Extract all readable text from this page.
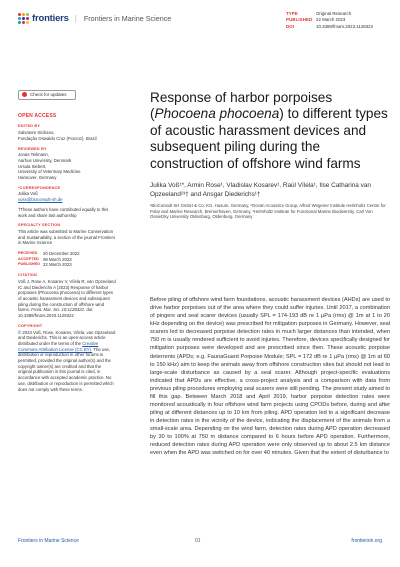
frontiers | Frontiers in Marine Science
TYPE	Original Research
PUBLISHED 22 March 2023
DOI	10.3389/fmars.2023.1128322
Check for updates
OPEN ACCESS
EDITED BY
Salvatore Siciliano,
Fundação Oswaldo Cruz (Fiocruz), Brazil
REVIEWED BY
Jonas Teilmann,
Aarhus University, Denmark
Ursula Siebert,
University of Veterinary Medicine
Hannover, Germany
*CORRESPONDENCE
Julika Voß
voss@bioconsult-sh.de
†These authors have contributed equally to this work and share last authorship
SPECIALTY SECTION
This article was submitted to Marine Conservation and Sustainability, a section of the journal Frontiers in Marine Science
RECEIVED	20 December 2022
ACCEPTED 08 March 2023
PUBLISHED 22 March 2023
CITATION
Voß J, Rose A, Kosarev V, Vílela R, van Opzeeland IC and Diederichs A (2023) Response of harbor porpoises (Phocoena phocoena) to different types of acoustic harassment devices and subsequent piling during the construction of offshore wind farms. Front. Mar. Sci. 10:1128322. doi: 10.3389/fmars.2023.1128322
COPYRIGHT
© 2023 Voß, Rose, Kosarev, Vílela, van Opzeeland and Diederichs. This is an open-access article distributed under the terms of the Creative Commons Attribution License (CC BY). The use, distribution or reproduction in other forums is permitted, provided the original author(s) and the copyright owner(s) are credited and that the original publication in this journal is cited, in accordance with accepted academic practice. No use, distribution or reproduction is permitted which does not comply with these terms.
Response of harbor porpoises (Phocoena phocoena) to different types of acoustic harassment devices and subsequent piling during the construction of offshore wind farms
Julika Voß¹*, Armin Rose¹, Vladislav Kosarev¹, Raúl Vílela¹, Ilse Catharina van Opzeeland²³† and Ansgar Diederichs¹†
¹BioConsult SH GmbH & Co. KG, Husum, Germany, ²Ocean Acoustics Group, Alfred Wegener Institute Helmholtz Centre for Polar and Marine Research, Bremerhaven, Germany, ³Helmholtz Institute for Functional Marine Biodiversity, Carl Von Ossietzky University Oldenburg, Oldenburg, Germany
Before piling of offshore wind farm foundations, acoustic harassment devices (AHDs) are used to drive harbor porpoises out of the area where they could suffer injuries. Until 2017, a combination of pingers and seal scarer devices (usually SPL = 174-193 dB re 1 µPa (rms) @ 1m at 1 to 20 kHz depending on the device) was prescribed for mitigation purposes in Germany. However, seal scarers led to decreased porpoise detection rates in much larger distances than intended, when 750 m is usually rendered sufficient to avoid injuries. Therefore, devices specifically designed for mitigation purposes were developed and are prescribed since then. These acoustic porpoise deterrents (APDs; e.g. FaunaGuard Porpoise Module; SPL = 172 dB re 1 µPa (rms) @ 1m at 60 to 150 kHz) aim to keep the animals away from offshore construction sites but should not lead to large-scale disturbance as caused by a seal scarer. Although project-specific evaluations indicated that APDs are effective, a cross-project analysis and a comparison with data from previous piling procedures employing seal scarers were still pending. The present study aimed to fill this gap. Between March 2018 and April 2019, harbor porpoise detection rates were monitored acoustically in four offshore wind farm projects using CPODs before, during and after piling at different distances up to 10 km from piling. APD operation led to a significant decrease in detection rates in the vicinity of the device, indicating the displacement of the animals from a small-scale area. Depending on the wind farm, detection rates during APD operation decreased by 30 to 100% at 750 m distance compared to 6 hours before APD operation. Furthermore, reduced detection rates during APD operation were only observed up to about 2.5 km distance even when the APD was switched on for over 40 minutes. Given that the extent of disturbance to
Frontiers in Marine Science	01	frontiersin.org
